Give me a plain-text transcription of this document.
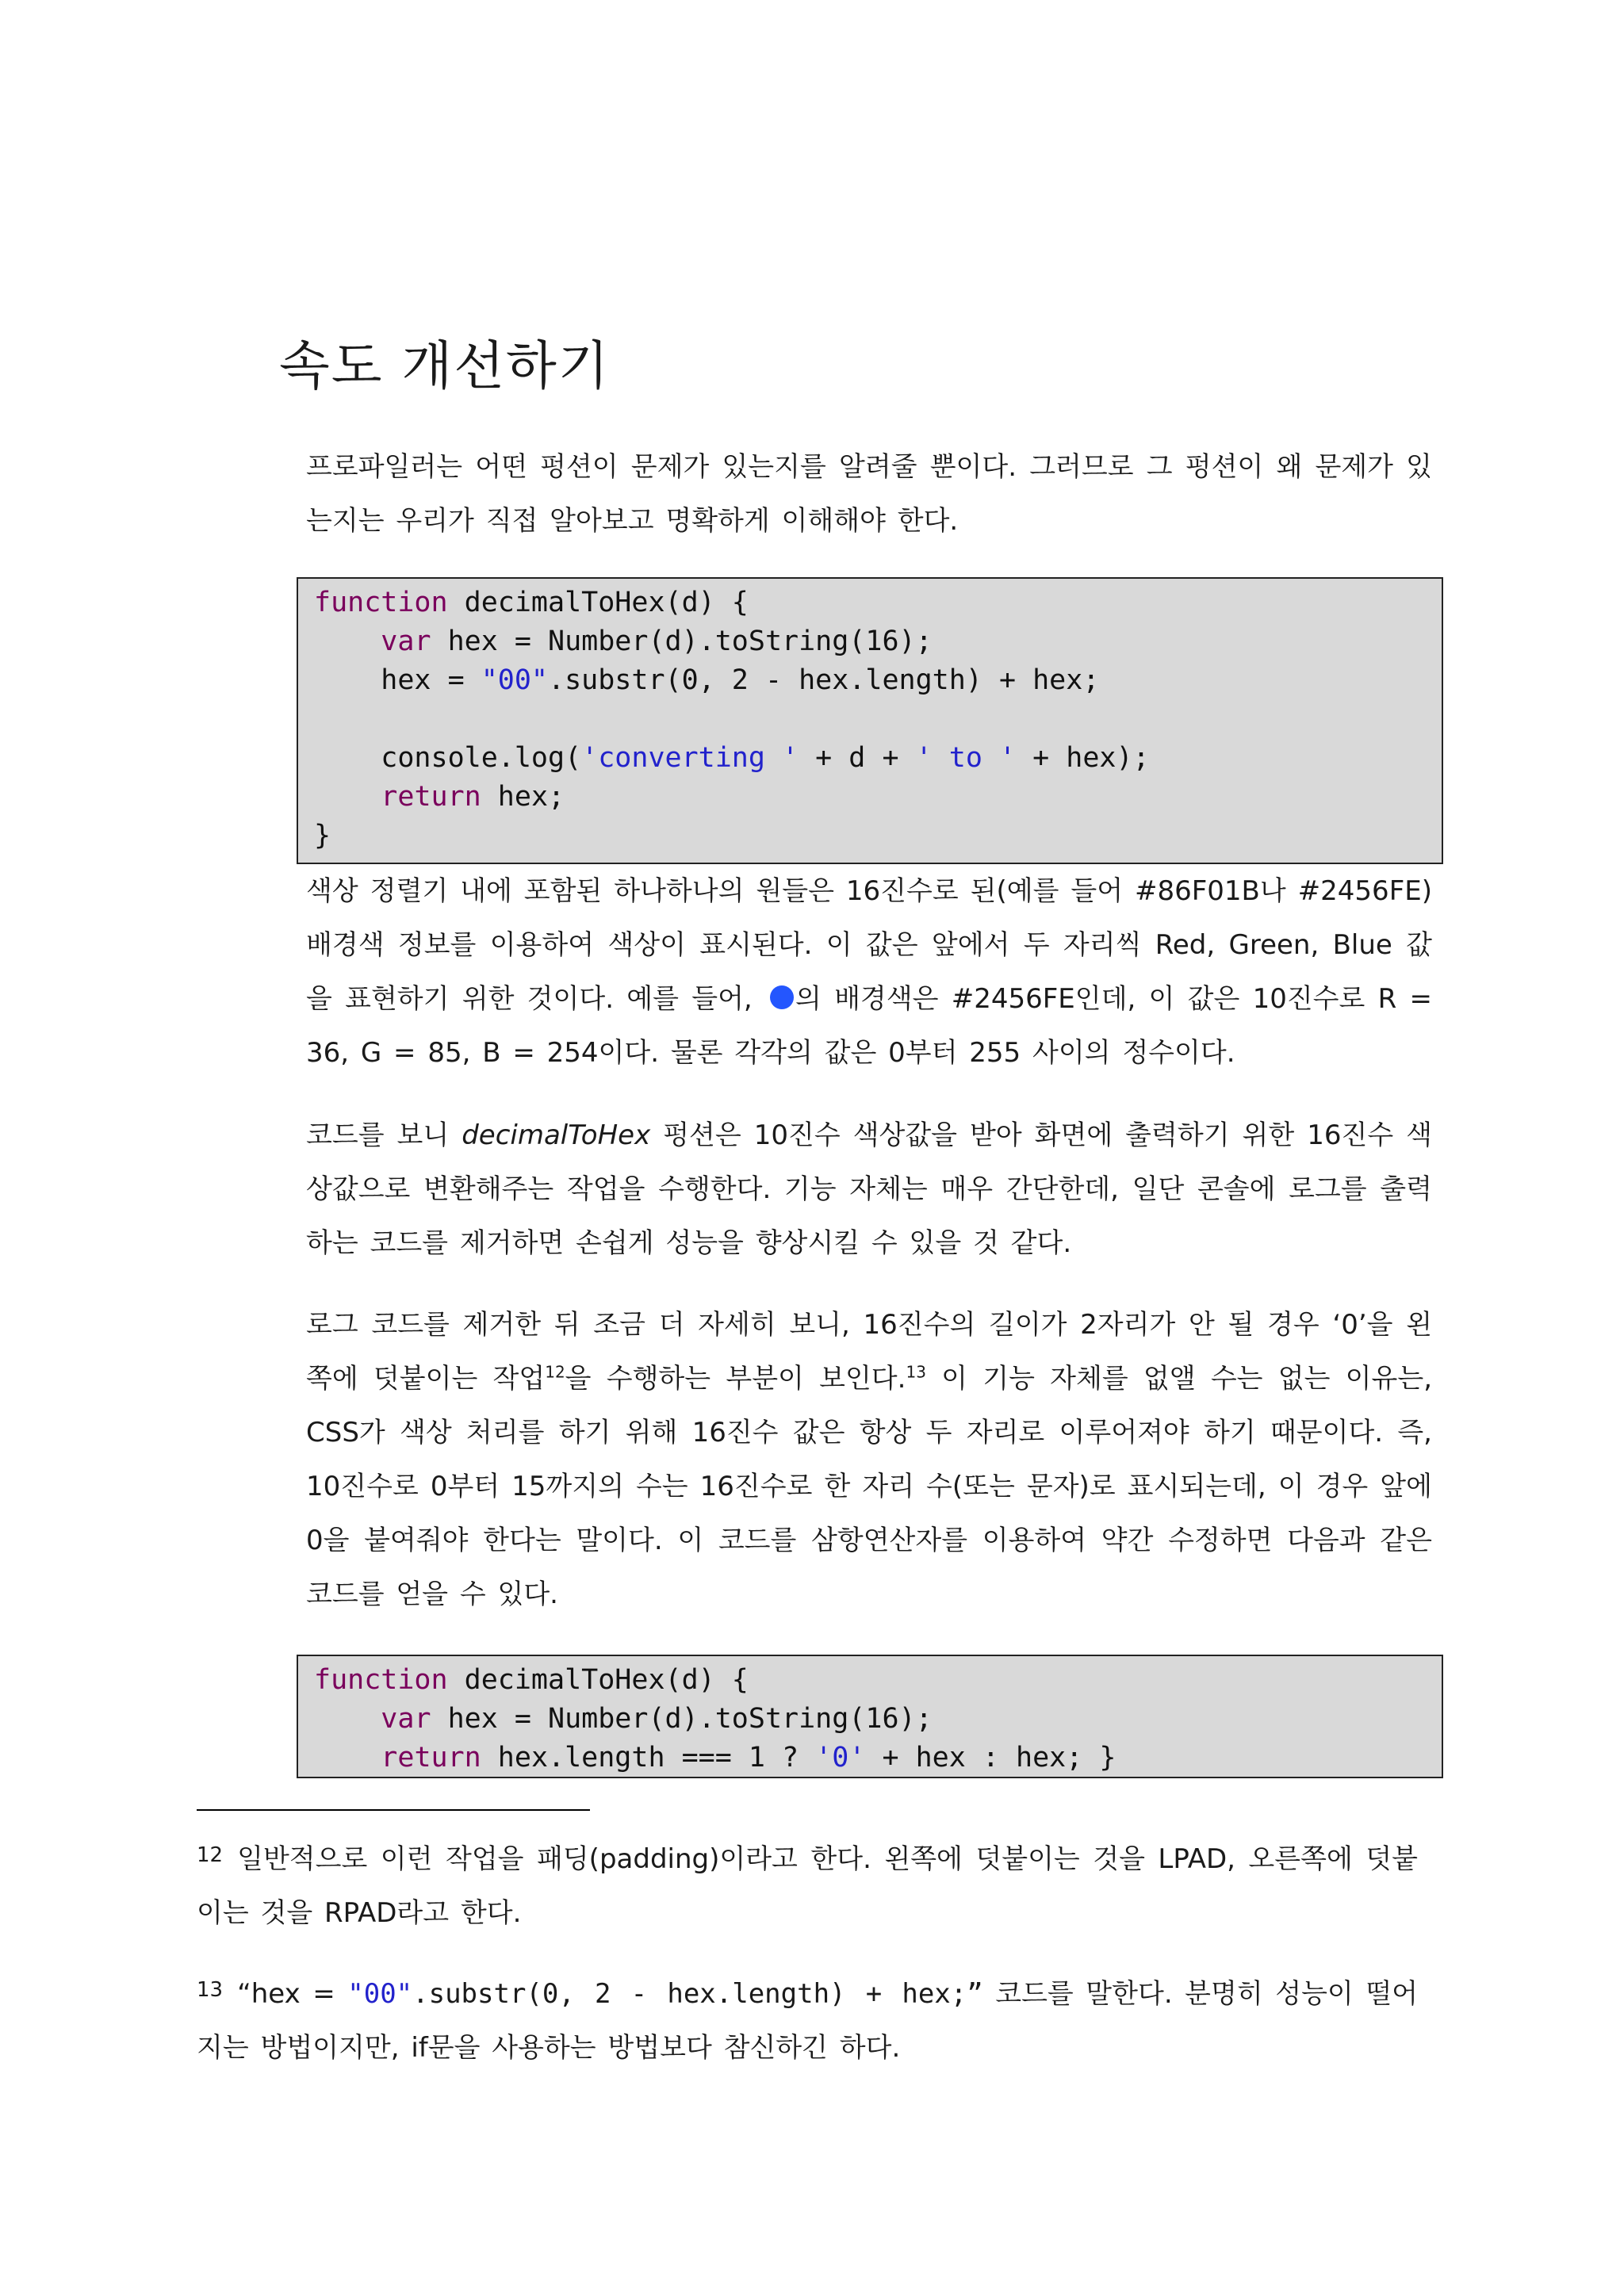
속도 개선하기

프로파일러는 어떤 펑션이 문제가 있는지를 알려줄 뿐이다. 그러므로 그 펑션이 왜 문제가 있는지는 우리가 직접 알아보고 명확하게 이해해야 한다.

function decimalToHex(d) {
var hex = Number(d).toString(16);
hex = "00".substr(0, 2 - hex.length) + hex;

console.log('converting ' + d + ' to ' + hex);
return hex;
}

색상 정렬기 내에 포함된 하나하나의 원들은 16진수로 된(예를 들어 #86F01B나 #2456FE) 배경색 정보를 이용하여 색상이 표시된다. 이 값은 앞에서 두 자리씩 Red, Green, Blue 값을 표현하기 위한 것이다. 예를 들어, 의 배경색은 #2456FE인데, 이 값은 10진수로 R = 36, G = 85, B = 254이다. 물론 각각의 값은 0부터 255 사이의 정수이다.

코드를 보니 decimalToHex 펑션은 10진수 색상값을 받아 화면에 출력하기 위한 16진수 색상값으로 변환해주는 작업을 수행한다. 기능 자체는 매우 간단한데, 일단 콘솔에 로그를 출력하는 코드를 제거하면 손쉽게 성능을 향상시킬 수 있을 것 같다.

로그 코드를 제거한 뒤 조금 더 자세히 보니, 16진수의 길이가 2자리가 안 될 경우 ‘0’을 왼쪽에 덧붙이는 작업$^{12}$을 수행하는 부분이 보인다.$^{13}$ 이 기능 자체를 없앨 수는 없는 이유는, CSS가 색상 처리를 하기 위해 16진수 값은 항상 두 자리로 이루어져야 하기 때문이다. 즉, 10진수로 0부터 15까지의 수는 16진수로 한 자리 수(또는 문자)로 표시되는데, 이 경우 앞에 0을 붙여줘야 한다는 말이다. 이 코드를 삼항연산자를 이용하여 약간 수정하면 다음과 같은 코드를 얻을 수 있다.

function decimalToHex(d) {
var hex = Number(d).toString(16);
return hex.length === 1 ? '0' + hex : hex; }

$^{12}$ 일반적으로 이런 작업을 패딩(padding)이라고 한다. 왼쪽에 덧붙이는 것을 LPAD, 오른쪽에 덧붙이는 것을 RPAD라고 한다.

$^{13}$ “hex = "00".substr(0, 2 - hex.length) + hex;” 코드를 말한다. 분명히 성능이 떨어지는 방법이지만, if문을 사용하는 방법보다 참신하긴 하다.
